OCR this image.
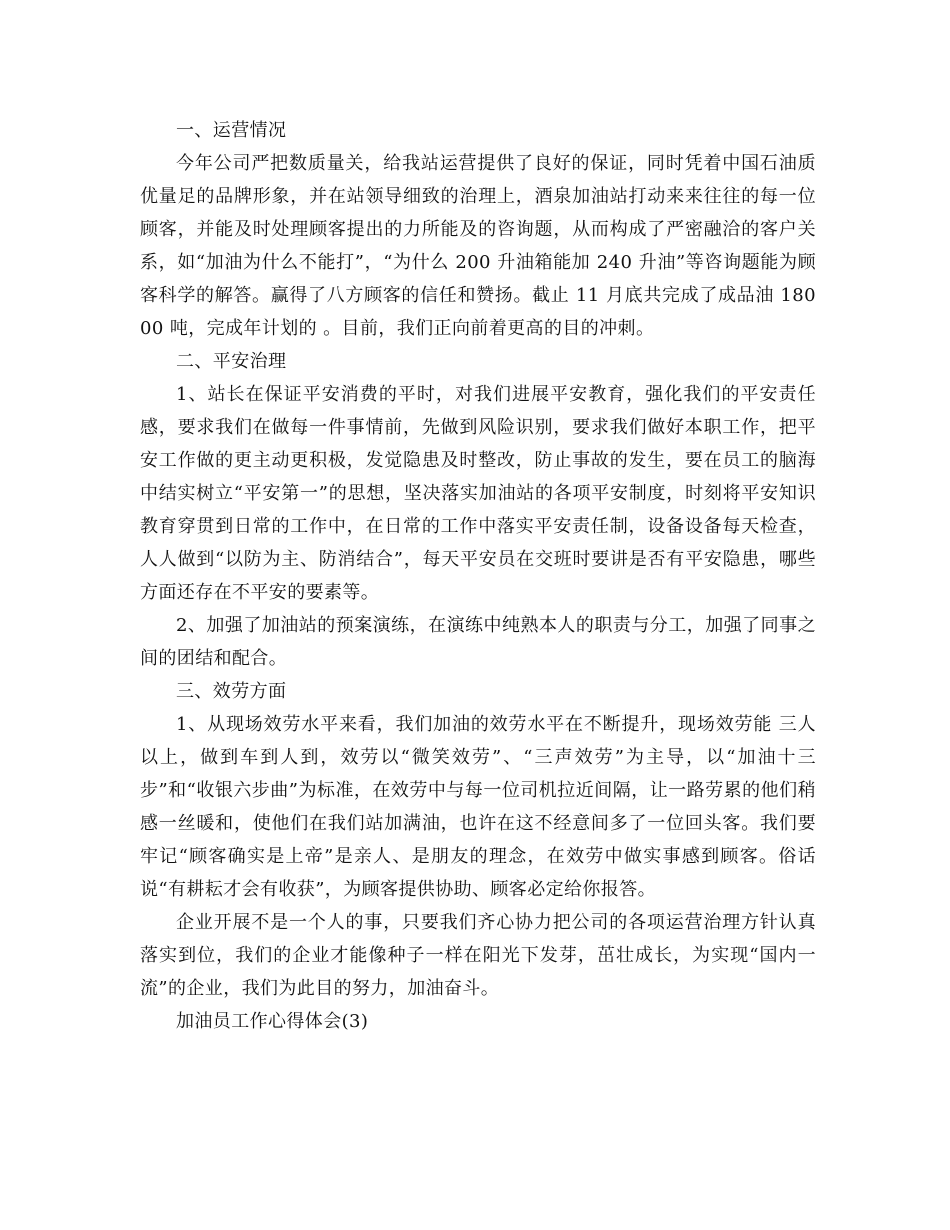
一、运营情况

今年公司严把数质量关，给我站运营提供了良好的保证，同时凭着中国石油质优量足的品牌形象，并在站领导细致的治理上，酒泉加油站打动来来往往的每一位顾客，并能及时处理顾客提出的力所能及的咨询题，从而构成了严密融洽的客户关系，如“加油为什么不能打”，“为什么 200 升油箱能加 240 升油”等咨询题能为顾客科学的解答。赢得了八方顾客的信任和赞扬。截止 11 月底共完成了成品油 18000 吨，完成年计划的 。目前，我们正向前着更高的目的冲刺。

二、平安治理

1、站长在保证平安消费的平时，对我们进展平安教育，强化我们的平安责任感，要求我们在做每一件事情前，先做到风险识别，要求我们做好本职工作，把平安工作做的更主动更积极，发觉隐患及时整改，防止事故的发生，要在员工的脑海中结实树立“平安第一”的思想，坚决落实加油站的各项平安制度，时刻将平安知识教育穿贯到日常的工作中，在日常的工作中落实平安责任制，设备设备每天检查，人人做到“以防为主、防消结合”，每天平安员在交班时要讲是否有平安隐患，哪些方面还存在不平安的要素等。

2、加强了加油站的预案演练，在演练中纯熟本人的职责与分工，加强了同事之间的团结和配合。

三、效劳方面

1、从现场效劳水平来看，我们加油的效劳水平在不断提升，现场效劳能 三人以上，做到车到人到，效劳以“微笑效劳”、“三声效劳”为主导，以“加油十三步”和“收银六步曲”为标准，在效劳中与每一位司机拉近间隔，让一路劳累的他们稍感一丝暖和，使他们在我们站加满油，也许在这不经意间多了一位回头客。我们要牢记“顾客确实是上帝”是亲人、是朋友的理念，在效劳中做实事感到顾客。俗话说“有耕耘才会有收获”，为顾客提供协助、顾客必定给你报答。

企业开展不是一个人的事，只要我们齐心协力把公司的各项运营治理方针认真落实到位，我们的企业才能像种子一样在阳光下发芽，茁壮成长，为实现“国内一流”的企业，我们为此目的努力，加油奋斗。

加油员工作心得体会(3)
